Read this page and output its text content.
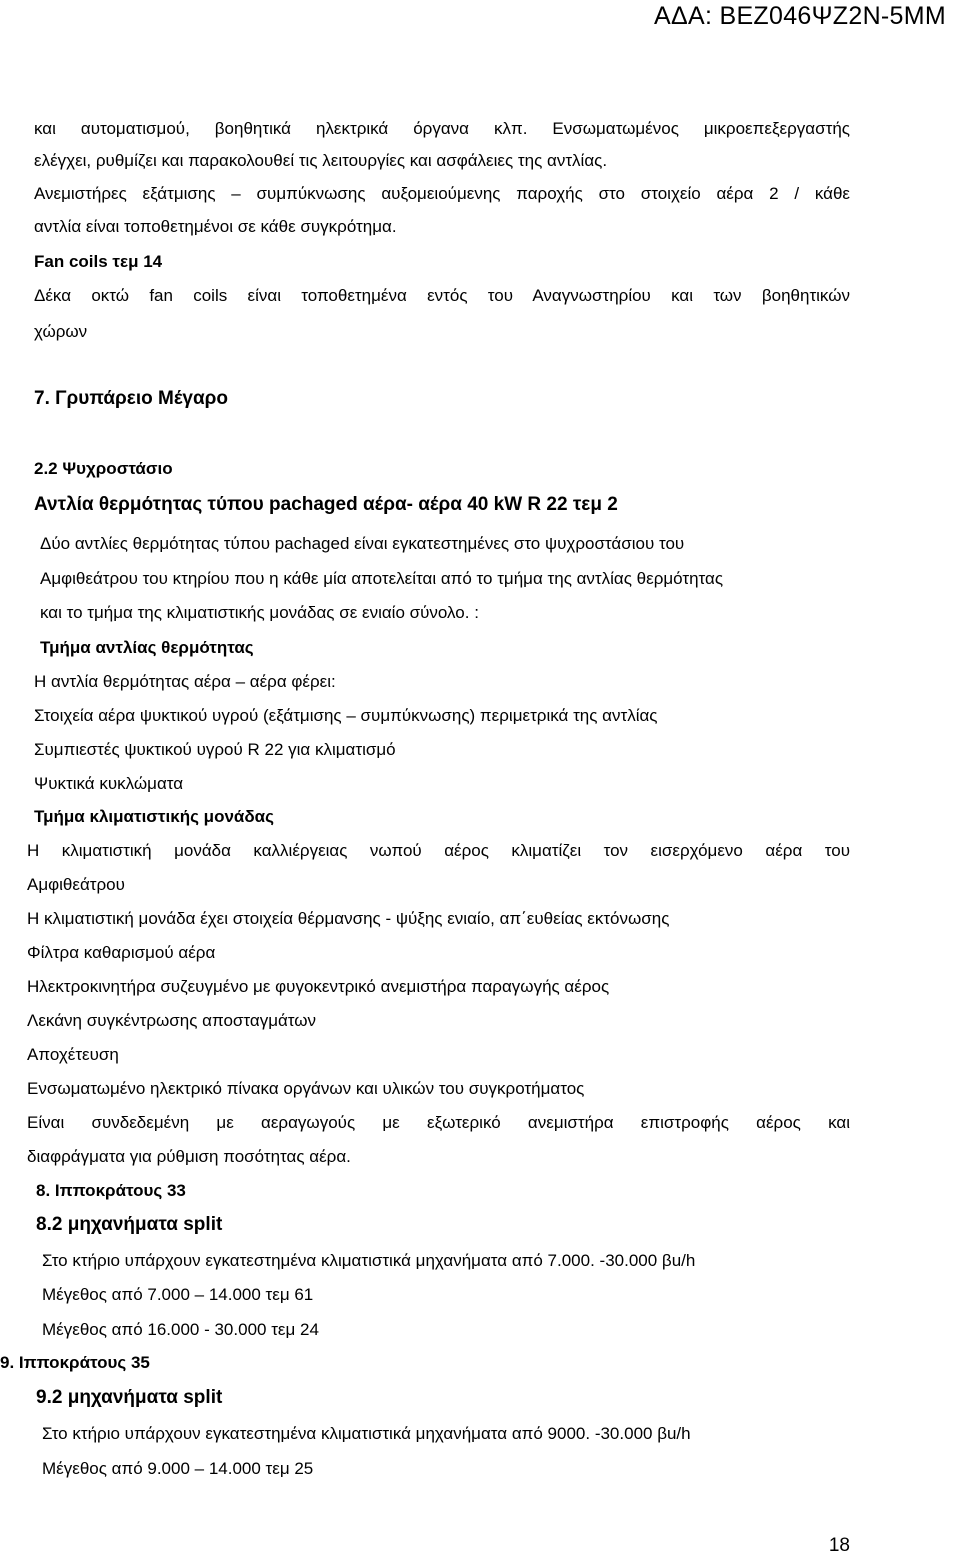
ΑΔΑ: ΒΕΖ046ΨΖ2Ν-5ΜΜ
και αυτοματισμού, βοηθητικά ηλεκτρικά όργανα κλπ. Ενσωματωμένος μικροεπεξεργαστής
ελέγχει, ρυθμίζει και παρακολουθεί τις λειτουργίες και ασφάλειες της αντλίας.
Ανεμιστήρες εξάτμισης – συμπύκνωσης αυξομειούμενης παροχής στο στοιχείο αέρα 2 / κάθε
αντλία είναι τοποθετημένοι σε κάθε συγκρότημα.
Fan coils τεμ 14
Δέκα οκτώ fan coils είναι τοποθετημένα εντός του Αναγνωστηρίου και των βοηθητικών
χώρων
7. Γρυπάρειο Μέγαρο
2.2 Ψυχροστάσιο
Αντλία θερμότητας τύπου pachaged αέρα- αέρα 40 kW R 22 τεμ 2
Δύο αντλίες θερμότητας τύπου pachaged είναι εγκατεστημένες στο ψυχροστάσιου του
Αμφιθεάτρου του κτηρίου που η κάθε μία αποτελείται από το τμήμα της αντλίας θερμότητας
και το τμήμα της κλιματιστικής μονάδας σε ενιαίο σύνολο. :
Τμήμα αντλίας θερμότητας
Η αντλία θερμότητας αέρα – αέρα φέρει:
Στοιχεία αέρα ψυκτικού υγρού (εξάτμισης – συμπύκνωσης) περιμετρικά της αντλίας
Συμπιεστές ψυκτικού υγρού R 22 για κλιματισμό
Ψυκτικά κυκλώματα
Τμήμα κλιματιστικής μονάδας
Η κλιματιστική μονάδα καλλιέργειας νωπού αέρος κλιματίζει τον εισερχόμενο αέρα του
Αμφιθεάτρου
Η κλιματιστική μονάδα έχει στοιχεία θέρμανσης - ψύξης ενιαίο, απ΄ευθείας εκτόνωσης
Φίλτρα καθαρισμού αέρα
Ηλεκτροκινητήρα συζευγμένο με φυγοκεντρικό ανεμιστήρα παραγωγής αέρος
Λεκάνη συγκέντρωσης αποσταγμάτων
Αποχέτευση
Ενσωματωμένο ηλεκτρικό πίνακα οργάνων και υλικών του συγκροτήματος
Είναι συνδεδεμένη με αεραγωγούς με εξωτερικό ανεμιστήρα επιστροφής αέρος και
διαφράγματα για ρύθμιση ποσότητας αέρα.
8. Ιπποκράτους 33
8.2 μηχανήματα split
Στο κτήριο υπάρχουν εγκατεστημένα κλιματιστικά μηχανήματα από 7.000. -30.000 βu/h
Μέγεθος από 7.000 – 14.000 τεμ 61
Μέγεθος από 16.000 - 30.000 τεμ 24
9. Ιπποκράτους 35
9.2 μηχανήματα split
Στο κτήριο υπάρχουν εγκατεστημένα κλιματιστικά μηχανήματα από 9000. -30.000 βu/h
Μέγεθος από 9.000 – 14.000 τεμ 25
18
